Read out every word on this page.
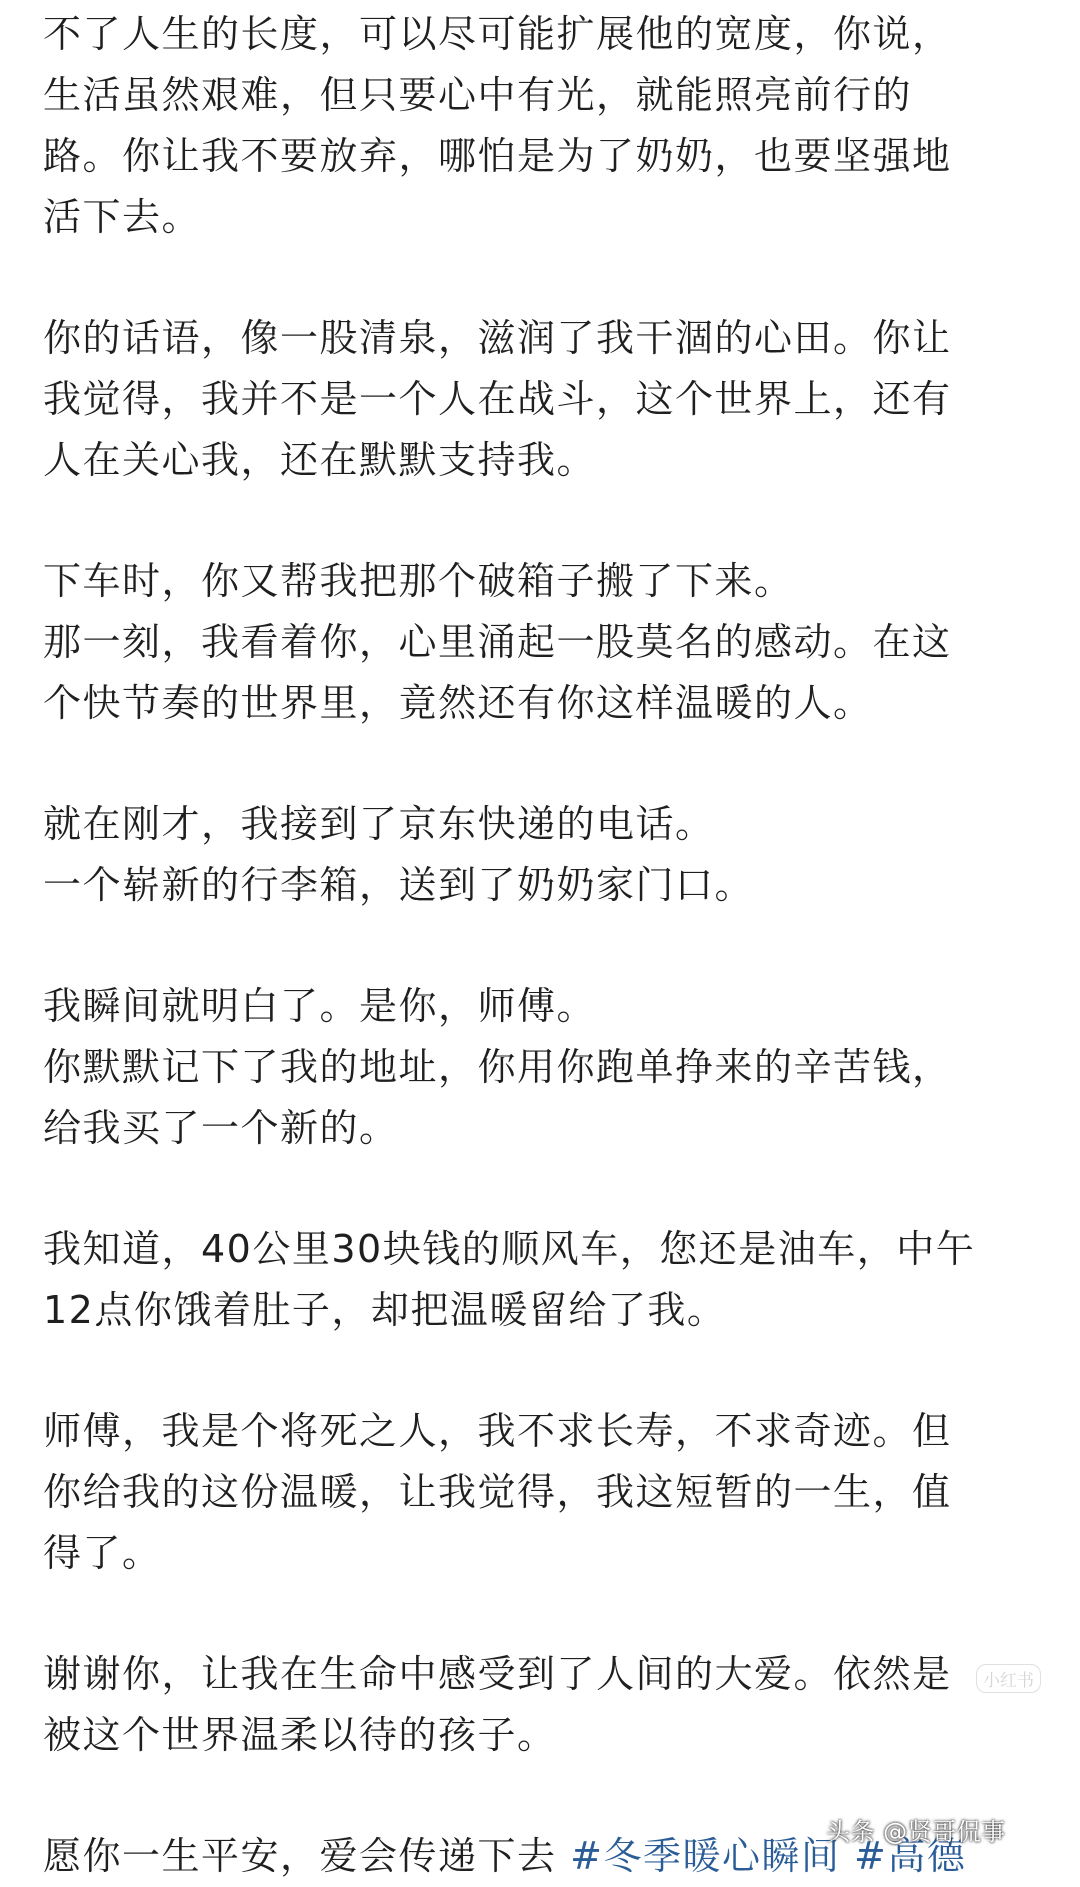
不了人生的长度，可以尽可能扩展他的宽度，你说，
生活虽然艰难，但只要心中有光，就能照亮前行的
路。你让我不要放弃，哪怕是为了奶奶，也要坚强地
活下去。
你的话语，像一股清泉，滋润了我干涸的心田。你让
我觉得，我并不是一个人在战斗，这个世界上，还有
人在关心我，还在默默支持我。
下车时，你又帮我把那个破箱子搬了下来。
那一刻，我看着你，心里涌起一股莫名的感动。在这
个快节奏的世界里，竟然还有你这样温暖的人。
就在刚才，我接到了京东快递的电话。
一个崭新的行李箱，送到了奶奶家门口。
我瞬间就明白了。是你，师傅。
你默默记下了我的地址，你用你跑单挣来的辛苦钱，
给我买了一个新的。
我知道，40公里30块钱的顺风车，您还是油车，中午
12点你饿着肚子，却把温暖留给了我。
师傅，我是个将死之人，我不求长寿，不求奇迹。但
你给我的这份温暖，让我觉得，我这短暂的一生，值
得了。
谢谢你，让我在生命中感受到了人间的大爱。依然是
被这个世界温柔以待的孩子。
愿你一生平安，爱会传递下去 #冬季暖心瞬间 #高德
小红书
头条 @贤哥侃事
